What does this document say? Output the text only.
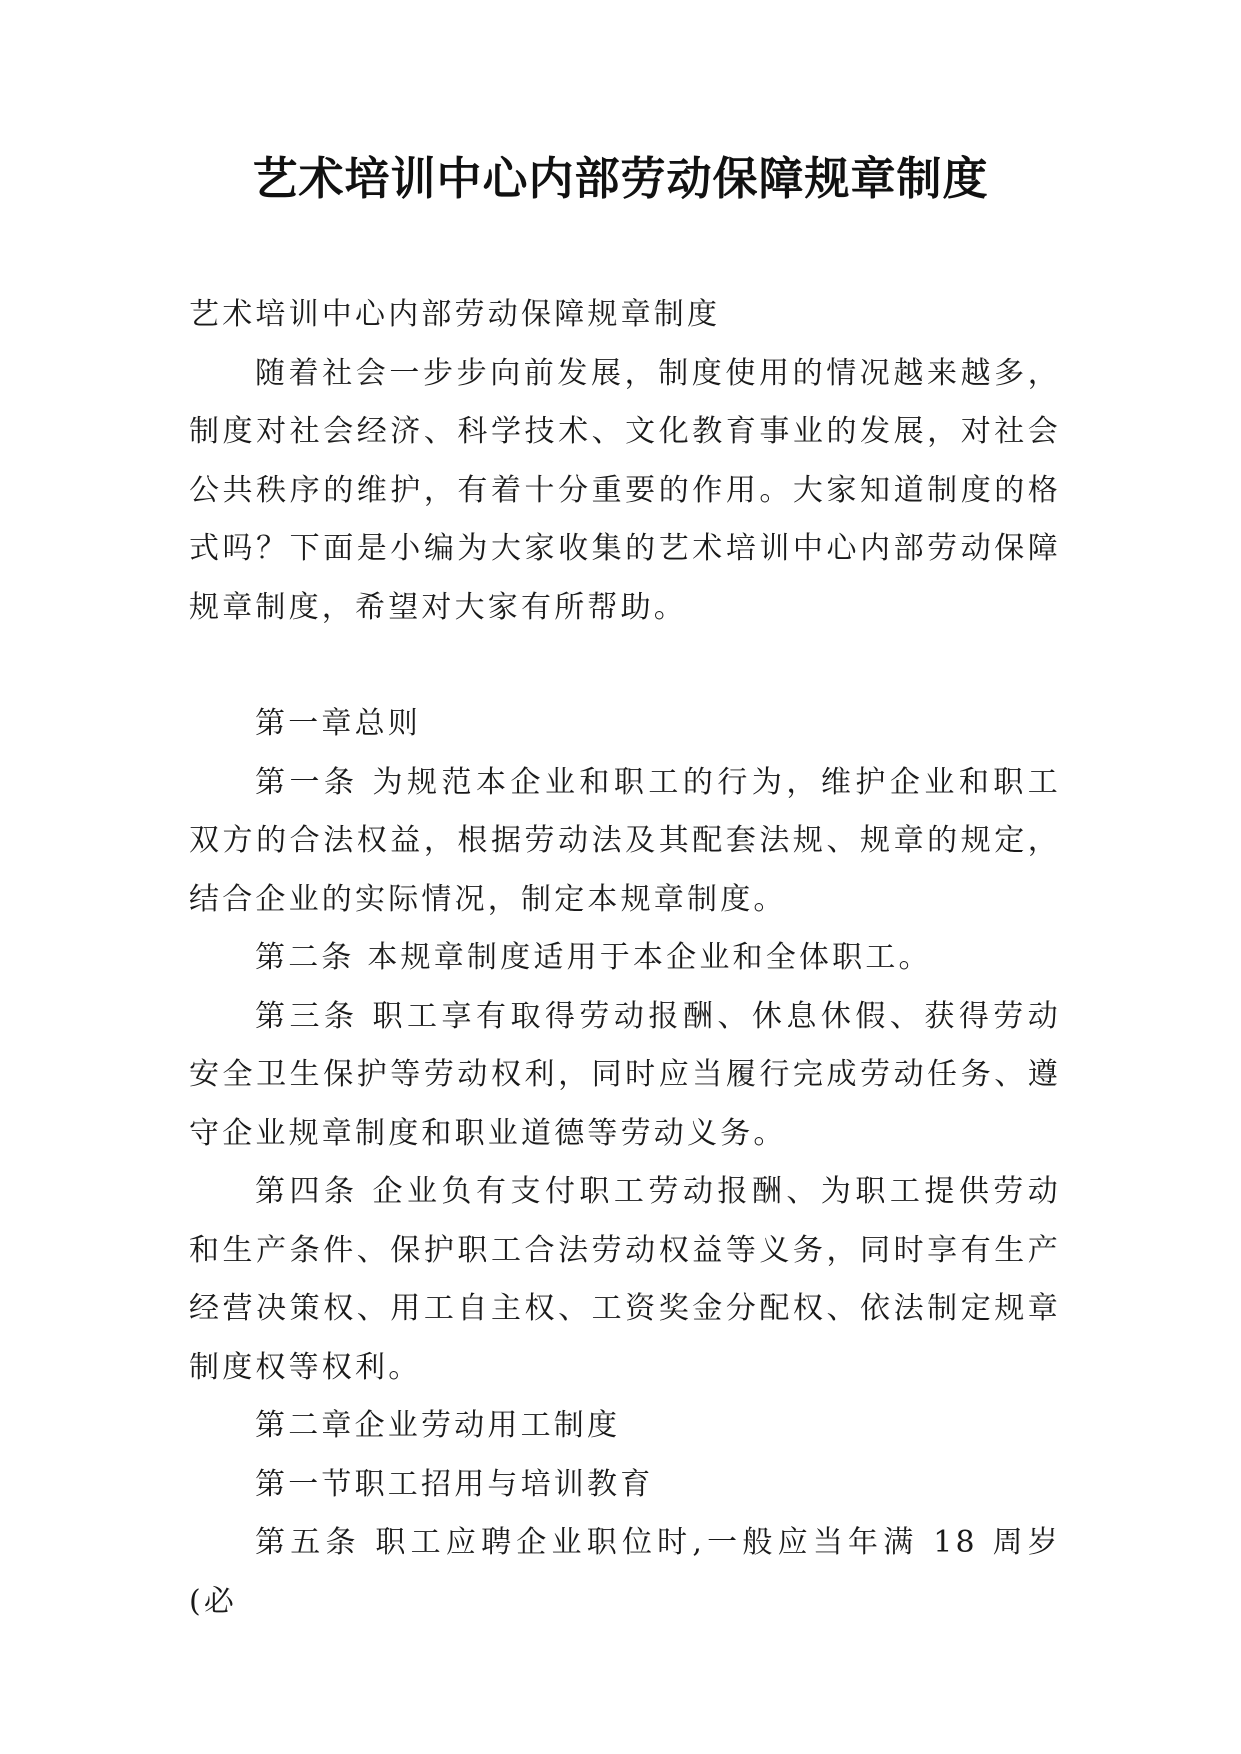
艺术培训中心内部劳动保障规章制度

艺术培训中心内部劳动保障规章制度

随着社会一步步向前发展，制度使用的情况越来越多，制度对社会经济、科学技术、文化教育事业的发展，对社会公共秩序的维护，有着十分重要的作用。大家知道制度的格式吗？下面是小编为大家收集的艺术培训中心内部劳动保障规章制度，希望对大家有所帮助。

第一章总则

第一条 为规范本企业和职工的行为，维护企业和职工双方的合法权益，根据劳动法及其配套法规、规章的规定，结合企业的实际情况，制定本规章制度。

第二条 本规章制度适用于本企业和全体职工。

第三条 职工享有取得劳动报酬、休息休假、获得劳动安全卫生保护等劳动权利，同时应当履行完成劳动任务、遵守企业规章制度和职业道德等劳动义务。

第四条 企业负有支付职工劳动报酬、为职工提供劳动和生产条件、保护职工合法劳动权益等义务，同时享有生产经营决策权、用工自主权、工资奖金分配权、依法制定规章制度权等权利。

第二章企业劳动用工制度

第一节职工招用与培训教育

第五条 职工应聘企业职位时,一般应当年满 18 周岁(必
